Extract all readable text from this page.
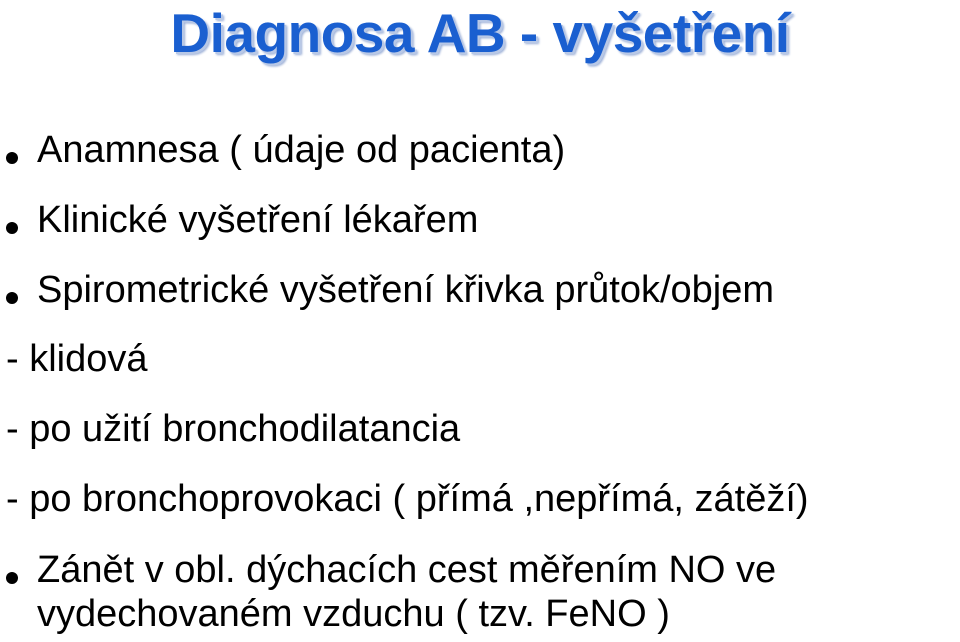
Diagnosa AB - vyšetření
Anamnesa ( údaje od pacienta)
Klinické vyšetření lékařem
Spirometrické vyšetření křivka průtok/objem
- klidová
- po užití bronchodilatancia
- po bronchoprovokaci ( přímá ,nepřímá, zátěží)
Zánět v obl. dýchacích cest měřením NO ve
vydechovaném vzduchu ( tzv. FeNO )
